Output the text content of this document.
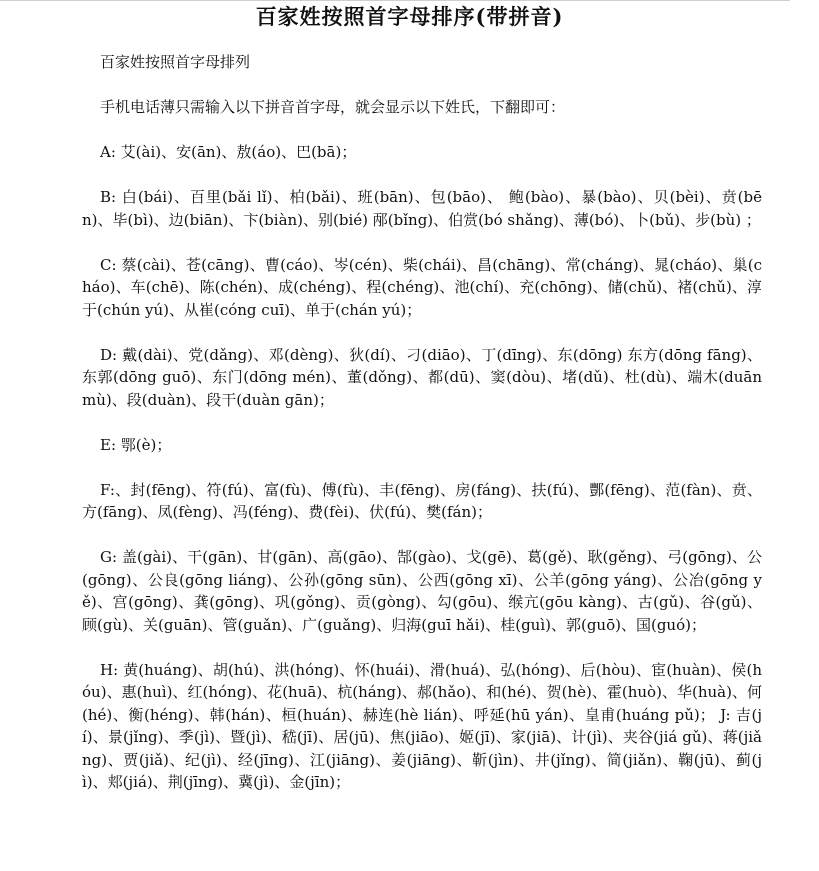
百家姓按照首字母排序(带拼音)

百家姓按照首字母排列

手机电话薄只需输入以下拼音首字母，就会显示以下姓氏，下翻即可：

A: 艾(ài)、安(ān)、敖(áo)、巴(bā)；

B: 白(bái)、百里(bǎi lǐ)、柏(bǎi)、班(bān)、包(bāo)、 鲍(bào)、暴(bào)、贝(bèi)、贲(bēn)、毕(bì)、边(biān)、卞(biàn)、别(bié) 邴(bǐng)、伯赏(bó shǎng)、薄(bó)、卜(bǔ)、步(bù) ；

C: 蔡(cài)、苍(cāng)、曹(cáo)、岑(cén)、柴(chái)、昌(chāng)、常(cháng)、晁(cháo)、巢(cháo)、车(chē)、陈(chén)、成(chéng)、程(chéng)、池(chí)、充(chōng)、储(chǔ)、褚(chǔ)、淳于(chún yú)、从崔(cóng cuī)、单于(chán yú)；

D: 戴(dài)、党(dǎng)、邓(dèng)、狄(dí)、刁(diāo)、丁(dīng)、东(dōng) 东方(dōng fāng)、东郭(dōng guō)、东门(dōng mén)、董(dǒng)、都(dū)、窦(dòu)、堵(dǔ)、杜(dù)、端木(duān mù)、段(duàn)、段干(duàn gān)；

E: 鄂(è)；

F:、封(fēng)、符(fú)、富(fù)、傅(fù)、丰(fēng)、房(fáng)、扶(fú)、酆(fēng)、范(fàn)、贲、方(fāng)、凤(fèng)、冯(féng)、费(fèi)、伏(fú)、樊(fán)；

G: 盖(gài)、干(gān)、甘(gān)、高(gāo)、郜(gào)、戈(gē)、葛(gě)、耿(gěng)、弓(gōng)、公(gōng)、公良(gōng liáng)、公孙(gōng sūn)、公西(gōng xī)、公羊(gōng yáng)、公冶(gōng yě)、宫(gōng)、龚(gōng)、巩(gǒng)、贡(gòng)、勾(gōu)、缑亢(gōu kàng)、古(gǔ)、谷(gǔ)、顾(gù)、关(guān)、管(guǎn)、广(guǎng)、归海(guī hǎi)、桂(guì)、郭(guō)、国(guó)；

H: 黄(huáng)、胡(hú)、洪(hóng)、怀(huái)、滑(huá)、弘(hóng)、后(hòu)、宦(huàn)、侯(hóu)、惠(huì)、红(hóng)、花(huā)、杭(háng)、郝(hǎo)、和(hé)、贺(hè)、霍(huò)、华(huà)、何(hé)、衡(héng)、韩(hán)、桓(huán)、赫连(hè lián)、呼延(hū yán)、皇甫(huáng pǔ)； J: 吉(jí)、景(jǐng)、季(jì)、暨(jì)、嵇(jī)、居(jū)、焦(jiāo)、姬(jī)、家(jiā)、计(jì)、夹谷(jiá gǔ)、蒋(jiǎng)、贾(jiǎ)、纪(jì)、经(jīng)、江(jiāng)、姜(jiāng)、靳(jìn)、井(jǐng)、简(jiǎn)、鞠(jū)、蓟(jì)、郏(jiá)、荆(jīng)、冀(jì)、金(jīn)；
